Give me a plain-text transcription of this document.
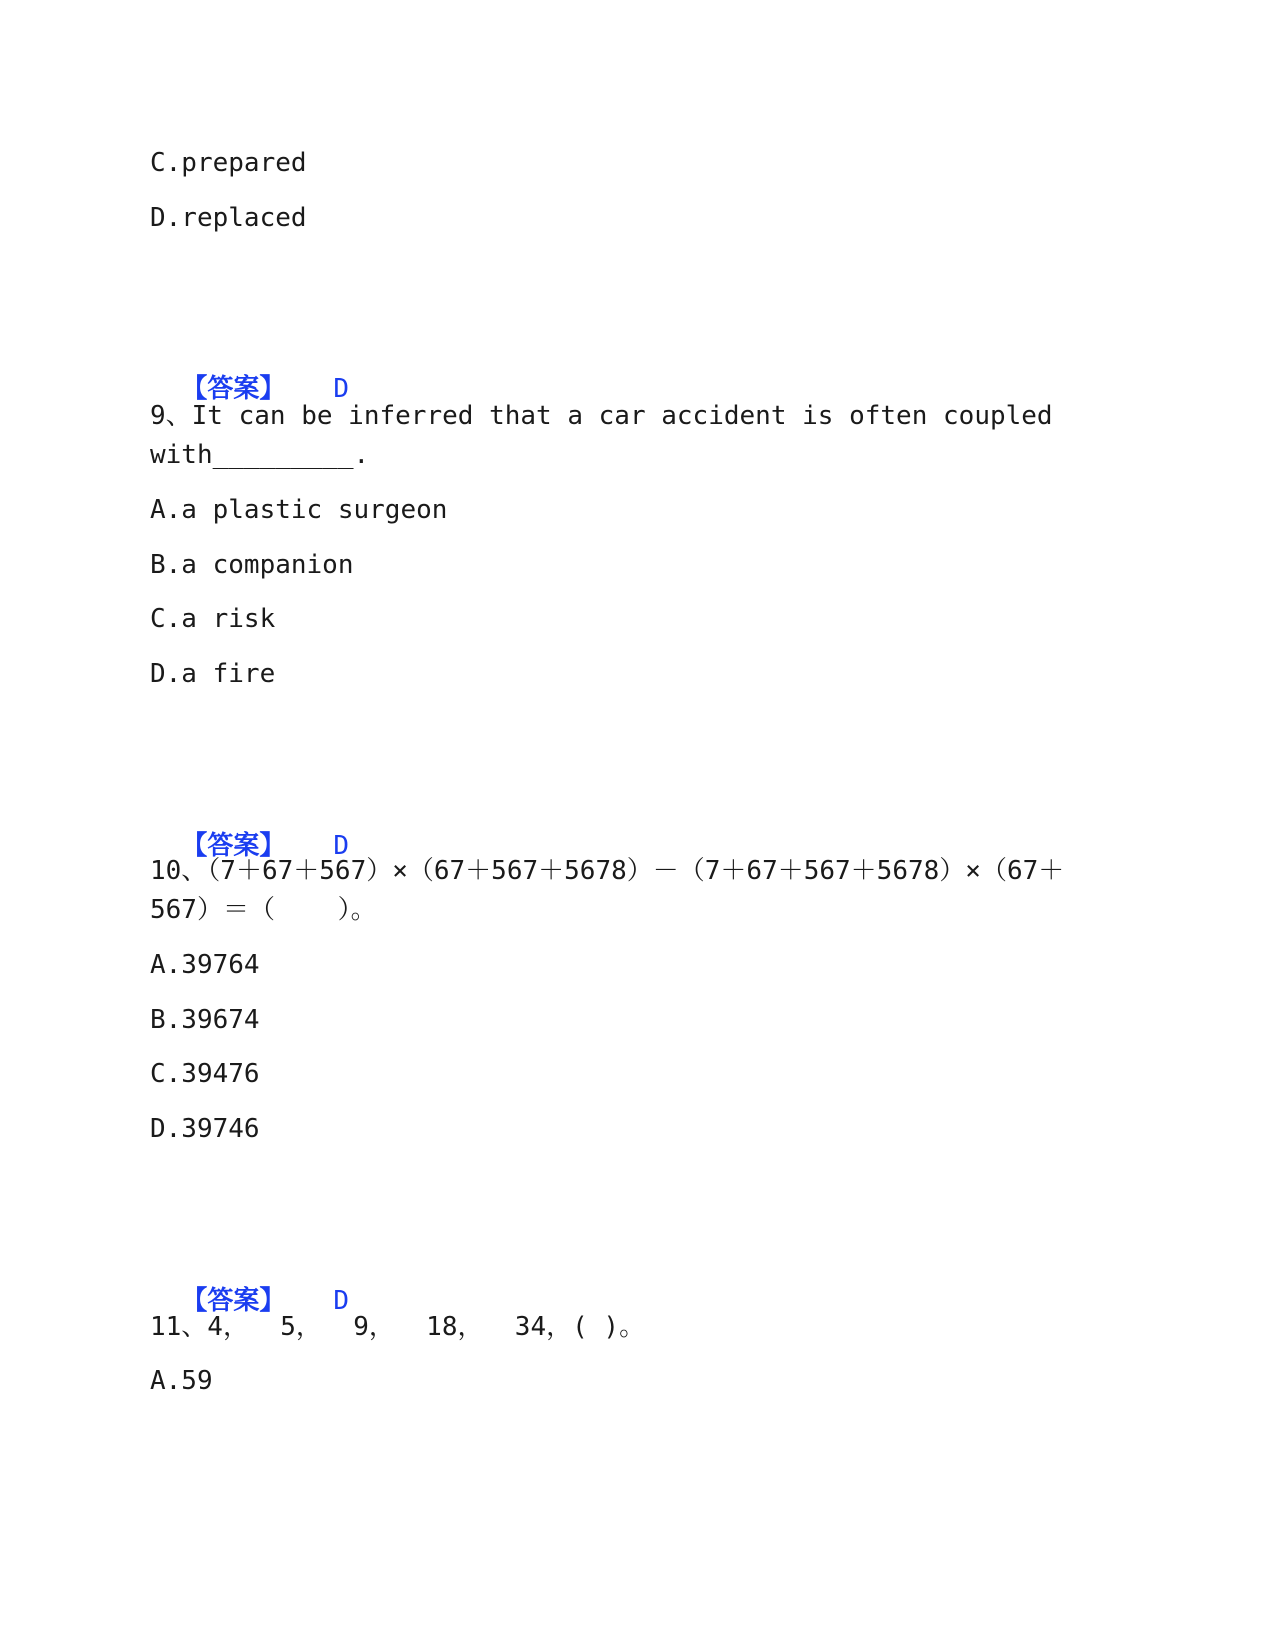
C.prepared
D.replaced

【答案】 D

9、It can be inferred that a car accident is often coupled
with_________.
A.a plastic surgeon
B.a companion
C.a risk
D.a fire

【答案】 D

10、（7＋67＋567）×（67＋567＋5678）－（7＋67＋567＋5678）×（67＋
567）＝（    ）。
A.39764
B.39674
C.39476
D.39746

【答案】 D

11、4，  5，  9，  18，  34，( )。
A.59
